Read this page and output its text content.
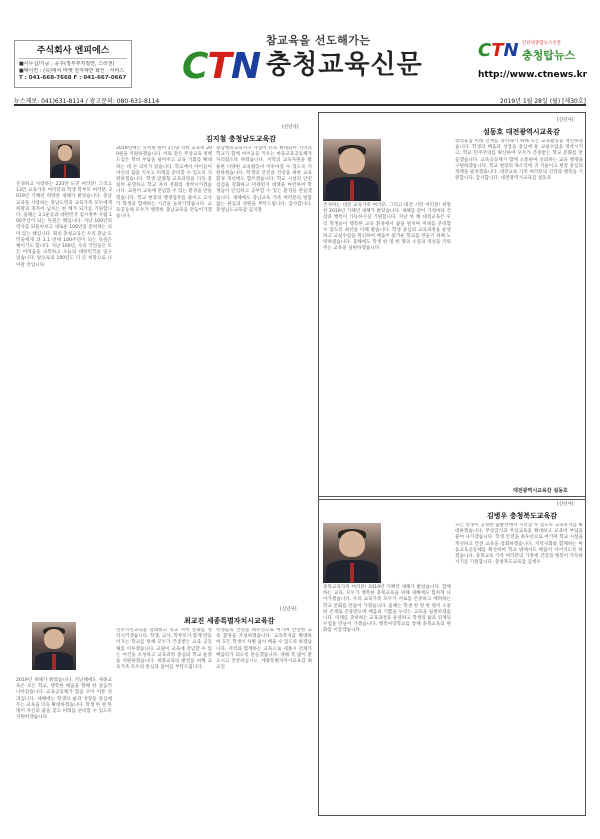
주식회사 엔피에스
■사무실/가공 : 공주(정부부처절연, 스러천)
■메이킨 : (유)에어 마켓 전자파반 화인 · 서비스
T : 041-668-7668 F : 041-667-0667
참교육을 선도해가는
CTN 충청교육신문	CTN 인터넷종합뉴스신문
충청탑뉴스
http://www.ctnews.kr
뉴스제보: 041)631-8114 / 광고문의: 080-631-8114	2019년 1월 28일 (월) [제30호]
[신년사]
김지철 충청남도교육감
존경하고 사랑하는 220만 도민 여러분! 그리고 13만 교육가족 여러분과 학생 학부모 여러분. 2019년 기해년 희망찬 새해가 밝았습니다. 충남교육을 사랑하는 충남도민과 교육가족 모두에게 희망과 축복이 넘치는 한 해가 되기를 기원합니다. 올해는 3.1운동과 대한민국 임시정부 수립 100주년이 되는 뜻깊은 해입니다. 지난 100년의 역사를 되돌아보고 새로운 100년을 준비하는 의미 있는 해입니다. 회의 충청교육은 우리 충남 도민들에게 과 3.1 만세 100주년이 되는 뜻깊은 해이기도 합니다. 지난 100년, 우리 국민들은 모든 어려움을 극복하고 오늘의 대한민국을 일구었습니다. 앞으로의 100년도 더 큰 희망으로 나아갈 것입니다.
2019년에는 유치원 원아 1인당 학비 교육비 200원을 지원하겠습니다. 이와 같은 무상교육 정책 도입은 학비 부담을 덜어주고 교육 기회를 확대하는 데 큰 의미가 있습니다. 학교에서 아이들이 자신의 꿈을 키우고 미래를 준비할 수 있도록 지원하겠습니다. 학생 맞춤형 교육과정을 더욱 충실히 운영하고 학교 자치 문화를 정착시키겠습니다. 교원이 교육에 전념할 수 있는 환경을 만들겠습니다. 학교 현장의 행정업무를 줄이고 교사가 학생과 함께하는 시간을 늘려가겠습니다. 교육공동체 모두가 행복한 충남교육을 만들어가겠습니다.
충남행복교육지구 사업이 더욱 확대되어 지역과 학교가 함께 아이들을 키우는 마을교육공동체가 자리잡도록 하겠습니다. 지역의 교육자원을 활용한 다양한 교육활동이 이루어질 수 있도록 지원하겠습니다. 학생의 안전과 건강을 위한 교육환경 개선에도 힘쓰겠습니다. 학교 시설의 안전 점검을 강화하고 미세먼지 대책을 마련하여 학생들이 안심하고 공부할 수 있는 환경을 만들겠습니다. 새해에도 충남교육 가족 여러분의 변함없는 관심과 성원을 부탁드립니다. 감사합니다. 충청남도교육감 김지철
[신년사]
설동호 대전광역시교육감
존경하는 대전 교육가족 여러분, 그리고 대전 시민 여러분! 희망찬 2019년 기해년 새해가 밝았습니다. 새해를 맞아 가정마다 건강과 행복이 가득하시길 기원합니다. 지난 한 해 대전교육은 우리 학생들이 행복한 교육 환경에서 꿈을 펼치며 미래를 준비할 수 있도록 최선을 다해 왔습니다. 학생 중심의 교육과정을 운영하고 교실수업을 혁신하여 배움이 즐거운 학교를 만들기 위해 노력하였습니다. 올해에도 학생 한 명 한 명의 소질과 적성을 키워주는 교육을 실현하겠습니다.
창의융합 미래 인재를 길러내기 위해 모든 교육활동을 혁신하겠습니다. 학생의 배움과 성장을 중심에 둔 교실수업을 정착시키고, 학교 민주주의를 확산하여 모두가 존중받는 학교 문화를 만들겠습니다. 교육공동체가 함께 소통하며 신뢰하는 교육 행정을 구현하겠습니다. 학교 현장의 목소리에 귀 기울이고 현장 중심의 정책을 펼치겠습니다. 대전교육 가족 여러분의 건강과 행복을 기원합니다. 감사합니다. 대전광역시교육감 설동호
대전광역시교육감 설동호
[신년사]
김병우 충청북도교육감
충북교육가족 여러분! 2019년 기해년 새해가 밝았습니다. 함께하는 교육, 모두가 행복한 충북교육을 위해 새해에도 힘차게 나아가겠습니다. 우리 교육가족 모두가 서로를 존중하고 배려하는 학교 문화를 만들어 가겠습니다. 올해는 학생 한 명 한 명이 소중한 존재로 존중받으며 배움의 기쁨을 누리는 교육을 실현하겠습니다. 미래를 준비하는 교육과정을 운영하고 학생의 삶과 연계된 수업을 만들어 가겠습니다. 행복씨앗학교를 통해 충북교육의 변화를 이끌겠습니다.
모든 학생이 공정한 출발선에서 시작할 수 있도록 교육복지를 확대하겠습니다. 무상급식과 무상교육을 확대하고 교육비 부담을 줄여 나가겠습니다. 학생 안전을 최우선으로 여기며 학교 시설을 개선하고 안전 교육을 강화하겠습니다. 지역사회와 함께하는 마을교육공동체를 확산하여 학교 밖에서도 배움이 이어지도록 하겠습니다. 충북교육 가족 여러분의 가정에 건강과 행복이 가득하시기를 기원합니다. 충청북도교육감 김병우
[신년사]
최교진 세종특별자치시교육감
2019년 새해가 밝았습니다. 지난해에도 세종교육은 모든 학교, 행복한 배움을 향해 한 걸음씩 나아갔습니다. 교육공동체가 힘을 모아 이룬 성과입니다. 새해에는 학생의 삶과 성장을 중심에 두는 교육을 더욱 확대하겠습니다. 학생 한 명 한 명이 자신의 꿈을 찾고 미래를 준비할 수 있도록 지원하겠습니다.
민주시민교육을 강화하고 학교 자치 문화를 정착시키겠습니다. 학생, 교사, 학부모가 함께 만들어가는 학교를 통해 모두가 존중받는 교육 공동체를 이루겠습니다. 교원이 교육에 전념할 수 있는 여건을 조성하고 교육과정 중심의 학교 운영을 지원하겠습니다. 세종교육의 발전을 위해 교육가족 모두의 관심과 참여를 부탁드립니다.
학생들의 안전을 최우선으로 여기며 안전한 교육 환경을 조성하겠습니다. 교육복지를 확대하여 모든 학생이 차별 없이 배울 수 있도록 하겠습니다. 지역과 함께하는 교육으로 세종시 전체가 배움터가 되도록 만들겠습니다. 새해 복 많이 받으시고 건강하십시오. 세종특별자치시교육감 최교진
